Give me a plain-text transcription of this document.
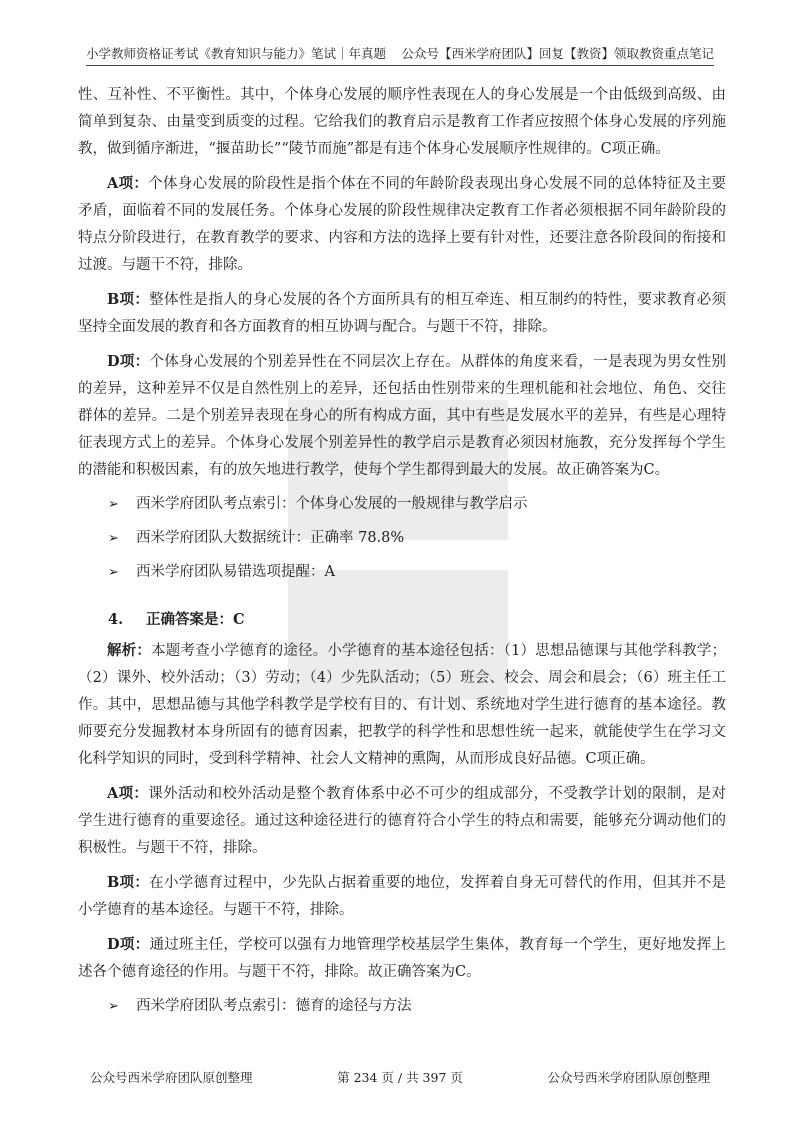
小学教师资格证考试《教育知识与能力》笔试｜年真题 公众号【西米学府团队】回复【教资】领取教资重点笔记

性、互补性、不平衡性。其中，个体身心发展的顺序性表现在人的身心发展是一个由低级到高级、由简单到复杂、由量变到质变的过程。它给我们的教育启示是教育工作者应按照个体身心发展的序列施教，做到循序渐进，“揠苗助长”“陵节而施”都是有违个体身心发展顺序性规律的。C项正确。

A项：个体身心发展的阶段性是指个体在不同的年龄阶段表现出身心发展不同的总体特征及主要矛盾，面临着不同的发展任务。个体身心发展的阶段性规律决定教育工作者必须根据不同年龄阶段的特点分阶段进行，在教育教学的要求、内容和方法的选择上要有针对性，还要注意各阶段间的衔接和过渡。与题干不符，排除。

B项：整体性是指人的身心发展的各个方面所具有的相互牵连、相互制约的特性，要求教育必须坚持全面发展的教育和各方面教育的相互协调与配合。与题干不符，排除。

D项：个体身心发展的个别差异性在不同层次上存在。从群体的角度来看，一是表现为男女性别的差异，这种差异不仅是自然性别上的差异，还包括由性别带来的生理机能和社会地位、角色、交往群体的差异。二是个别差异表现在身心的所有构成方面，其中有些是发展水平的差异，有些是心理特征表现方式上的差异。个体身心发展个别差异性的教学启示是教育必须因材施教，充分发挥每个学生的潜能和积极因素，有的放矢地进行教学，使每个学生都得到最大的发展。故正确答案为C。

➢	西米学府团队考点索引：个体身心发展的一般规律与教学启示
➢	西米学府团队大数据统计：正确率 78.8%
➢	西米学府团队易错选项提醒：A
4. 正确答案是：C

解析：本题考查小学德育的途径。小学德育的基本途径包括：（1）思想品德课与其他学科教学；（2）课外、校外活动；（3）劳动；（4）少先队活动；（5）班会、校会、周会和晨会；（6）班主任工作。其中，思想品德与其他学科教学是学校有目的、有计划、系统地对学生进行德育的基本途径。教师要充分发掘教材本身所固有的德育因素，把教学的科学性和思想性统一起来，就能使学生在学习文化科学知识的同时，受到科学精神、社会人文精神的熏陶，从而形成良好品德。C项正确。

A项：课外活动和校外活动是整个教育体系中必不可少的组成部分，不受教学计划的限制，是对学生进行德育的重要途径。通过这种途径进行的德育符合小学生的特点和需要，能够充分调动他们的积极性。与题干不符，排除。

B项：在小学德育过程中，少先队占据着重要的地位，发挥着自身无可替代的作用，但其并不是小学德育的基本途径。与题干不符，排除。

D项：通过班主任，学校可以强有力地管理学校基层学生集体，教育每一个学生，更好地发挥上述各个德育途径的作用。与题干不符，排除。故正确答案为C。

➢	西米学府团队考点索引：德育的途径与方法
公众号西米学府团队原创整理	第 234 页 / 共 397 页	公众号西米学府团队原创整理
